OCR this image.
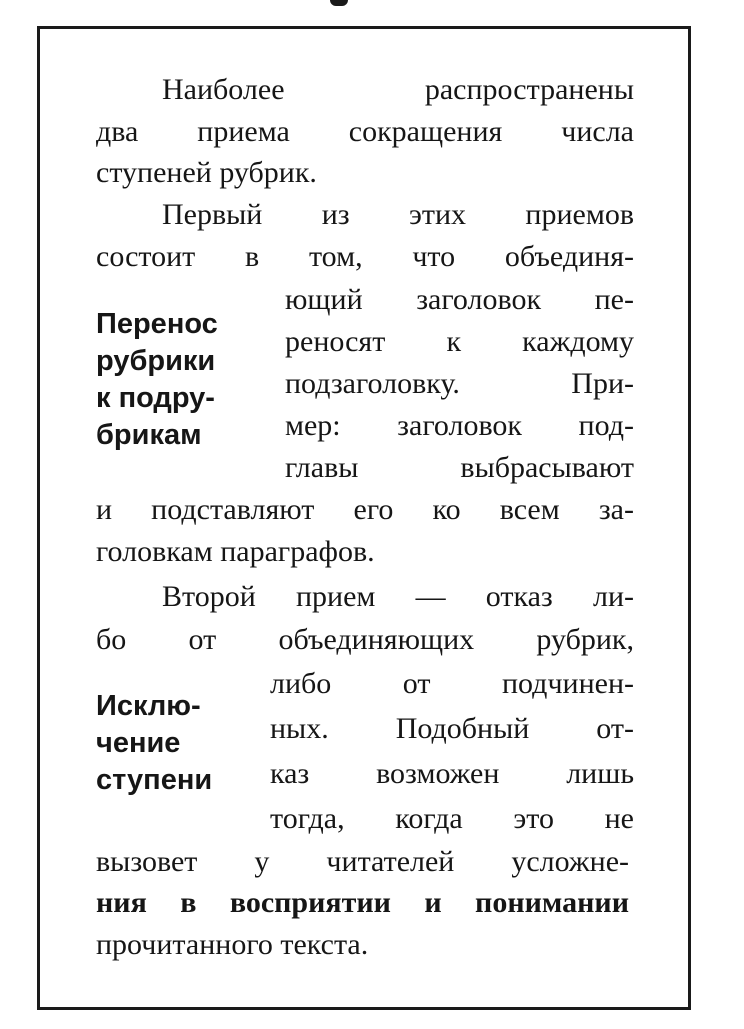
Наиболее распространены
два приема сокращения числа
ступеней рубрик.
Первый из этих приемов
состоит в том, что объединя-
ющий заголовок пе-
реносят к каждому
подзаголовку. При-
мер: заголовок под-
главы выбрасывают
и подставляют его ко всем за-
головкам параграфов.
Перенос
рубрики
к подру-
брикам
Второй прием — отказ ли-
бо от объединяющих рубрик,
либо от подчинен-
ных. Подобный от-
каз возможен лишь
тогда, когда это не
вызовет у читателей усложне-
ния в восприятии и понимании
прочитанного текста.
Исклю-
чение
ступени
